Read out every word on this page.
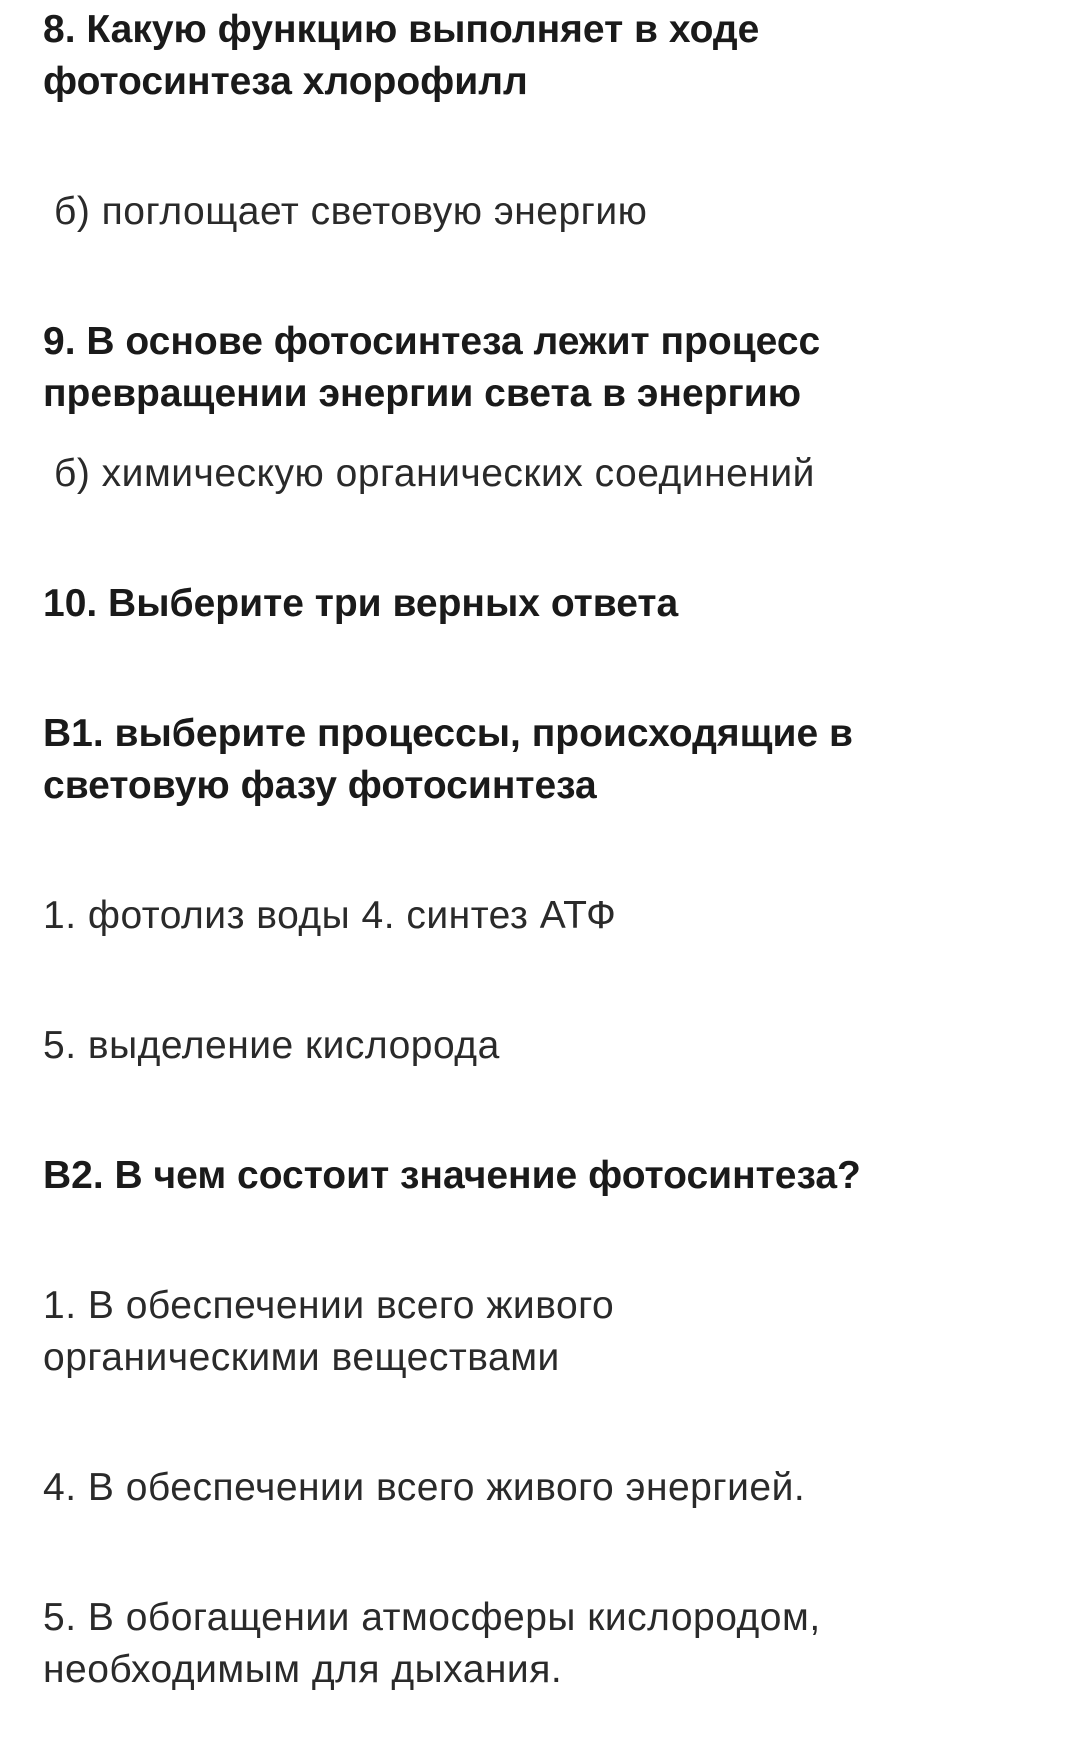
8. Какую функцию выполняет в ходе

фотосинтеза хлорофилл

б) поглощает световую энергию

9. В основе фотосинтеза лежит процесс

превращении энергии света в энергию

б) химическую органических соединений

10. Выберите три верных ответа

В1. выберите процессы, происходящие в

световую фазу фотосинтеза

1. фотолиз воды 4. синтез АТФ

5. выделение кислорода

В2. В чем состоит значение фотосинтеза?

1. В обеспечении всего живого

органическими веществами

4. В обеспечении всего живого энергией.

5. В обогащении атмосферы кислородом,

необходимым для дыхания.
